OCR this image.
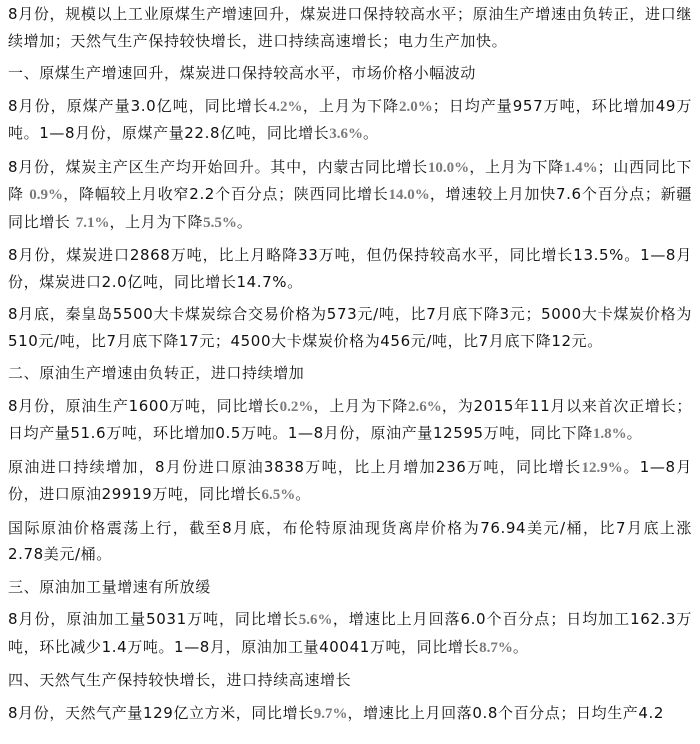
8月份，规模以上工业原煤生产增速回升，煤炭进口保持较高水平；原油生产增速由负转正，进口继续增加；天然气生产保持较快增长，进口持续高速增长；电力生产加快。

一、原煤生产增速回升，煤炭进口保持较高水平，市场价格小幅波动

8月份，原煤产量3.0亿吨，同比增长4.2%，上月为下降2.0%；日均产量957万吨，环比增加49万吨。1—8月份，原煤产量22.8亿吨，同比增长3.6%。

8月份，煤炭主产区生产均开始回升。其中，内蒙古同比增长10.0%，上月为下降1.4%；山西同比下降 0.9%，降幅较上月收窄2.2个百分点；陕西同比增长14.0%，增速较上月加快7.6个百分点；新疆同比增长 7.1%，上月为下降5.5%。

8月份，煤炭进口2868万吨，比上月略降33万吨，但仍保持较高水平，同比增长13.5%。1—8月份，煤炭进口2.0亿吨，同比增长14.7%。

8月底，秦皇岛5500大卡煤炭综合交易价格为573元/吨，比7月底下降3元；5000大卡煤炭价格为510元/吨，比7月底下降17元；4500大卡煤炭价格为456元/吨，比7月底下降12元。

二、原油生产增速由负转正，进口持续增加

8月份，原油生产1600万吨，同比增长0.2%，上月为下降2.6%，为2015年11月以来首次正增长；日均产量51.6万吨，环比增加0.5万吨。1—8月份，原油产量12595万吨，同比下降1.8%。

原油进口持续增加，8月份进口原油3838万吨，比上月增加236万吨，同比增长12.9%。1—8月份，进口原油29919万吨，同比增长6.5%。

国际原油价格震荡上行，截至8月底，布伦特原油现货离岸价格为76.94美元/桶，比7月底上涨2.78美元/桶。

三、原油加工量增速有所放缓

8月份，原油加工量5031万吨，同比增长5.6%，增速比上月回落6.0个百分点；日均加工162.3万吨，环比减少1.4万吨。1—8月，原油加工量40041万吨，同比增长8.7%。

四、天然气生产保持较快增长，进口持续高速增长

8月份，天然气产量129亿立方米，同比增长9.7%，增速比上月回落0.8个百分点；日均生产4.2
